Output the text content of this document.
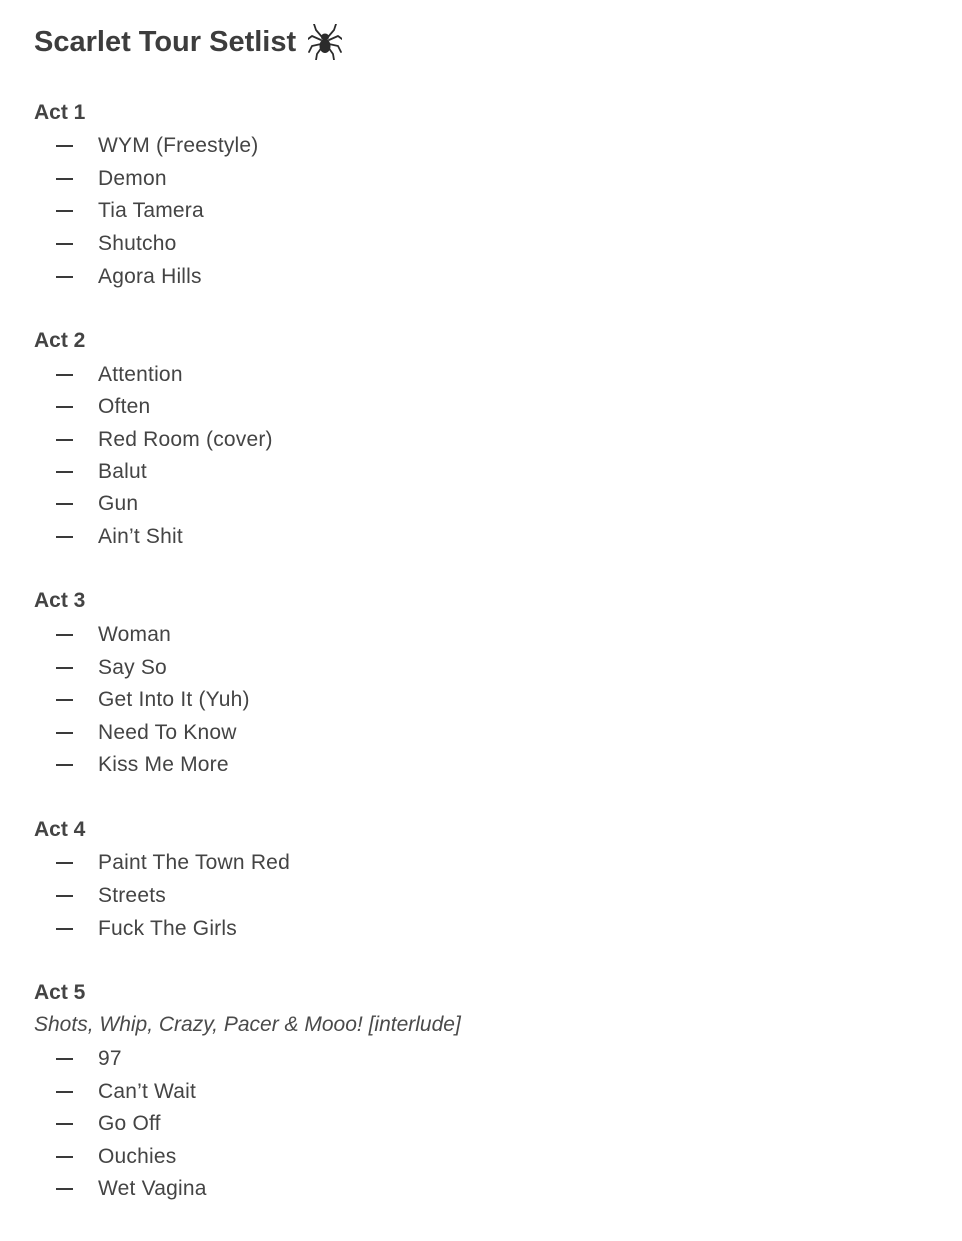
Scarlet Tour Setlist
Act 1
WYM (Freestyle)
Demon
Tia Tamera
Shutcho
Agora Hills
Act 2
Attention
Often
Red Room (cover)
Balut
Gun
Ain’t Shit
Act 3
Woman
Say So
Get Into It (Yuh)
Need To Know
Kiss Me More
Act 4
Paint The Town Red
Streets
Fuck The Girls
Act 5
Shots, Whip, Crazy, Pacer & Mooo! [interlude]
97
Can’t Wait
Go Off
Ouchies
Wet Vagina
